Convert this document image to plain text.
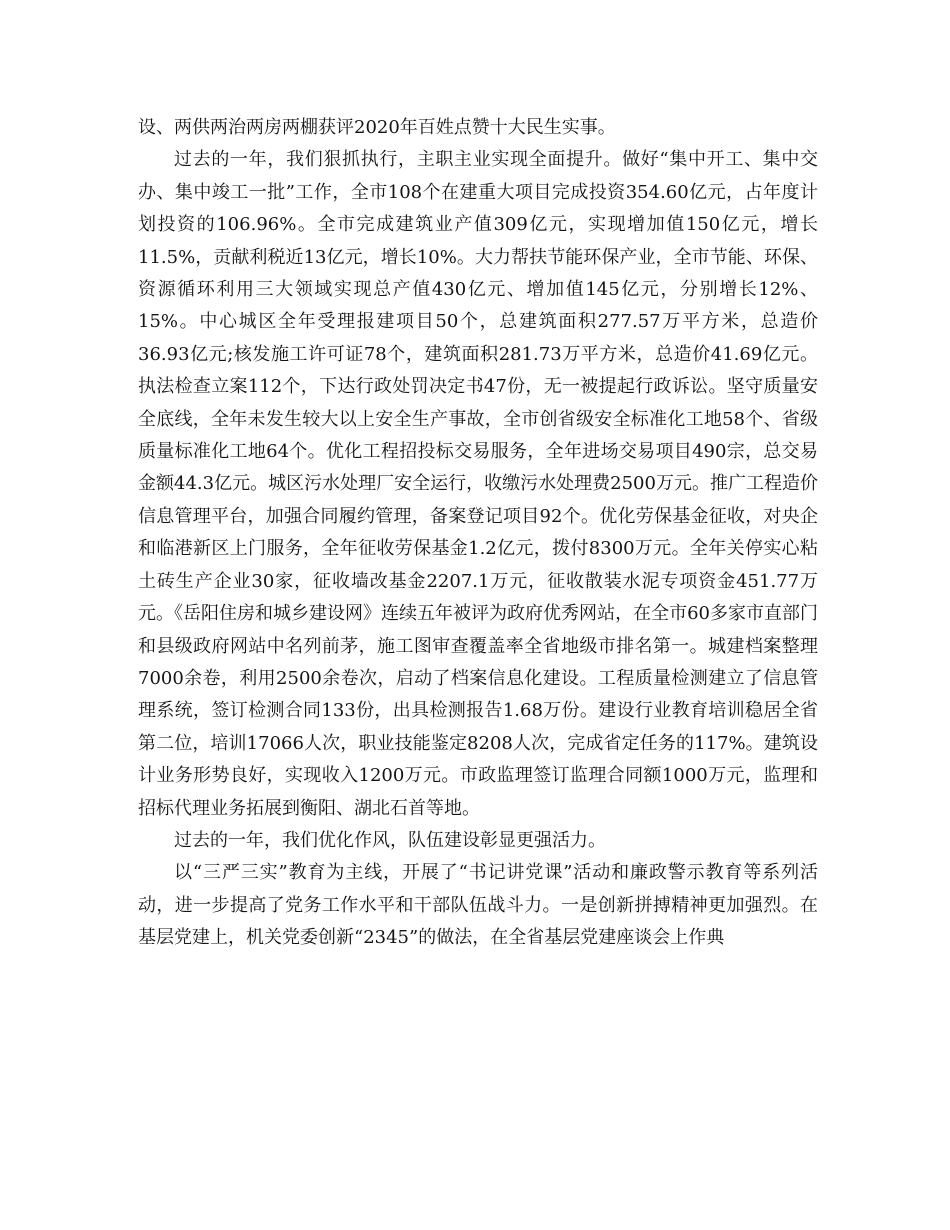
设、两供两治两房两棚获评2020年百姓点赞十大民生实事。

过去的一年，我们狠抓执行，主职主业实现全面提升。做好“集中开工、集中交办、集中竣工一批”工作，全市108个在建重大项目完成投资354.60亿元，占年度计划投资的106.96%。全市完成建筑业产值309亿元，实现增加值150亿元，增长11.5%，贡献利税近13亿元，增长10%。大力帮扶节能环保产业，全市节能、环保、资源循环利用三大领域实现总产值430亿元、增加值145亿元，分别增长12%、15%。中心城区全年受理报建项目50个，总建筑面积277.57万平方米，总造价36.93亿元;核发施工许可证78个，建筑面积281.73万平方米，总造价41.69亿元。执法检查立案112个，下达行政处罚决定书47份，无一被提起行政诉讼。坚守质量安全底线，全年未发生较大以上安全生产事故，全市创省级安全标准化工地58个、省级质量标准化工地64个。优化工程招投标交易服务，全年进场交易项目490宗，总交易金额44.3亿元。城区污水处理厂安全运行，收缴污水处理费2500万元。推广工程造价信息管理平台，加强合同履约管理，备案登记项目92个。优化劳保基金征收，对央企和临港新区上门服务，全年征收劳保基金1.2亿元，拨付8300万元。全年关停实心粘土砖生产企业30家，征收墙改基金2207.1万元，征收散装水泥专项资金451.77万元。《岳阳住房和城乡建设网》连续五年被评为政府优秀网站，在全市60多家市直部门和县级政府网站中名列前茅，施工图审查覆盖率全省地级市排名第一。城建档案整理7000余卷，利用2500余卷次，启动了档案信息化建设。工程质量检测建立了信息管理系统，签订检测合同133份，出具检测报告1.68万份。建设行业教育培训稳居全省第二位，培训17066人次，职业技能鉴定8208人次，完成省定任务的117%。建筑设计业务形势良好，实现收入1200万元。市政监理签订监理合同额1000万元，监理和招标代理业务拓展到衡阳、湖北石首等地。

过去的一年，我们优化作风，队伍建设彰显更强活力。

以“三严三实”教育为主线，开展了“书记讲党课”活动和廉政警示教育等系列活动，进一步提高了党务工作水平和干部队伍战斗力。一是创新拼搏精神更加强烈。在基层党建上，机关党委创新“2345”的做法，在全省基层党建座谈会上作典
